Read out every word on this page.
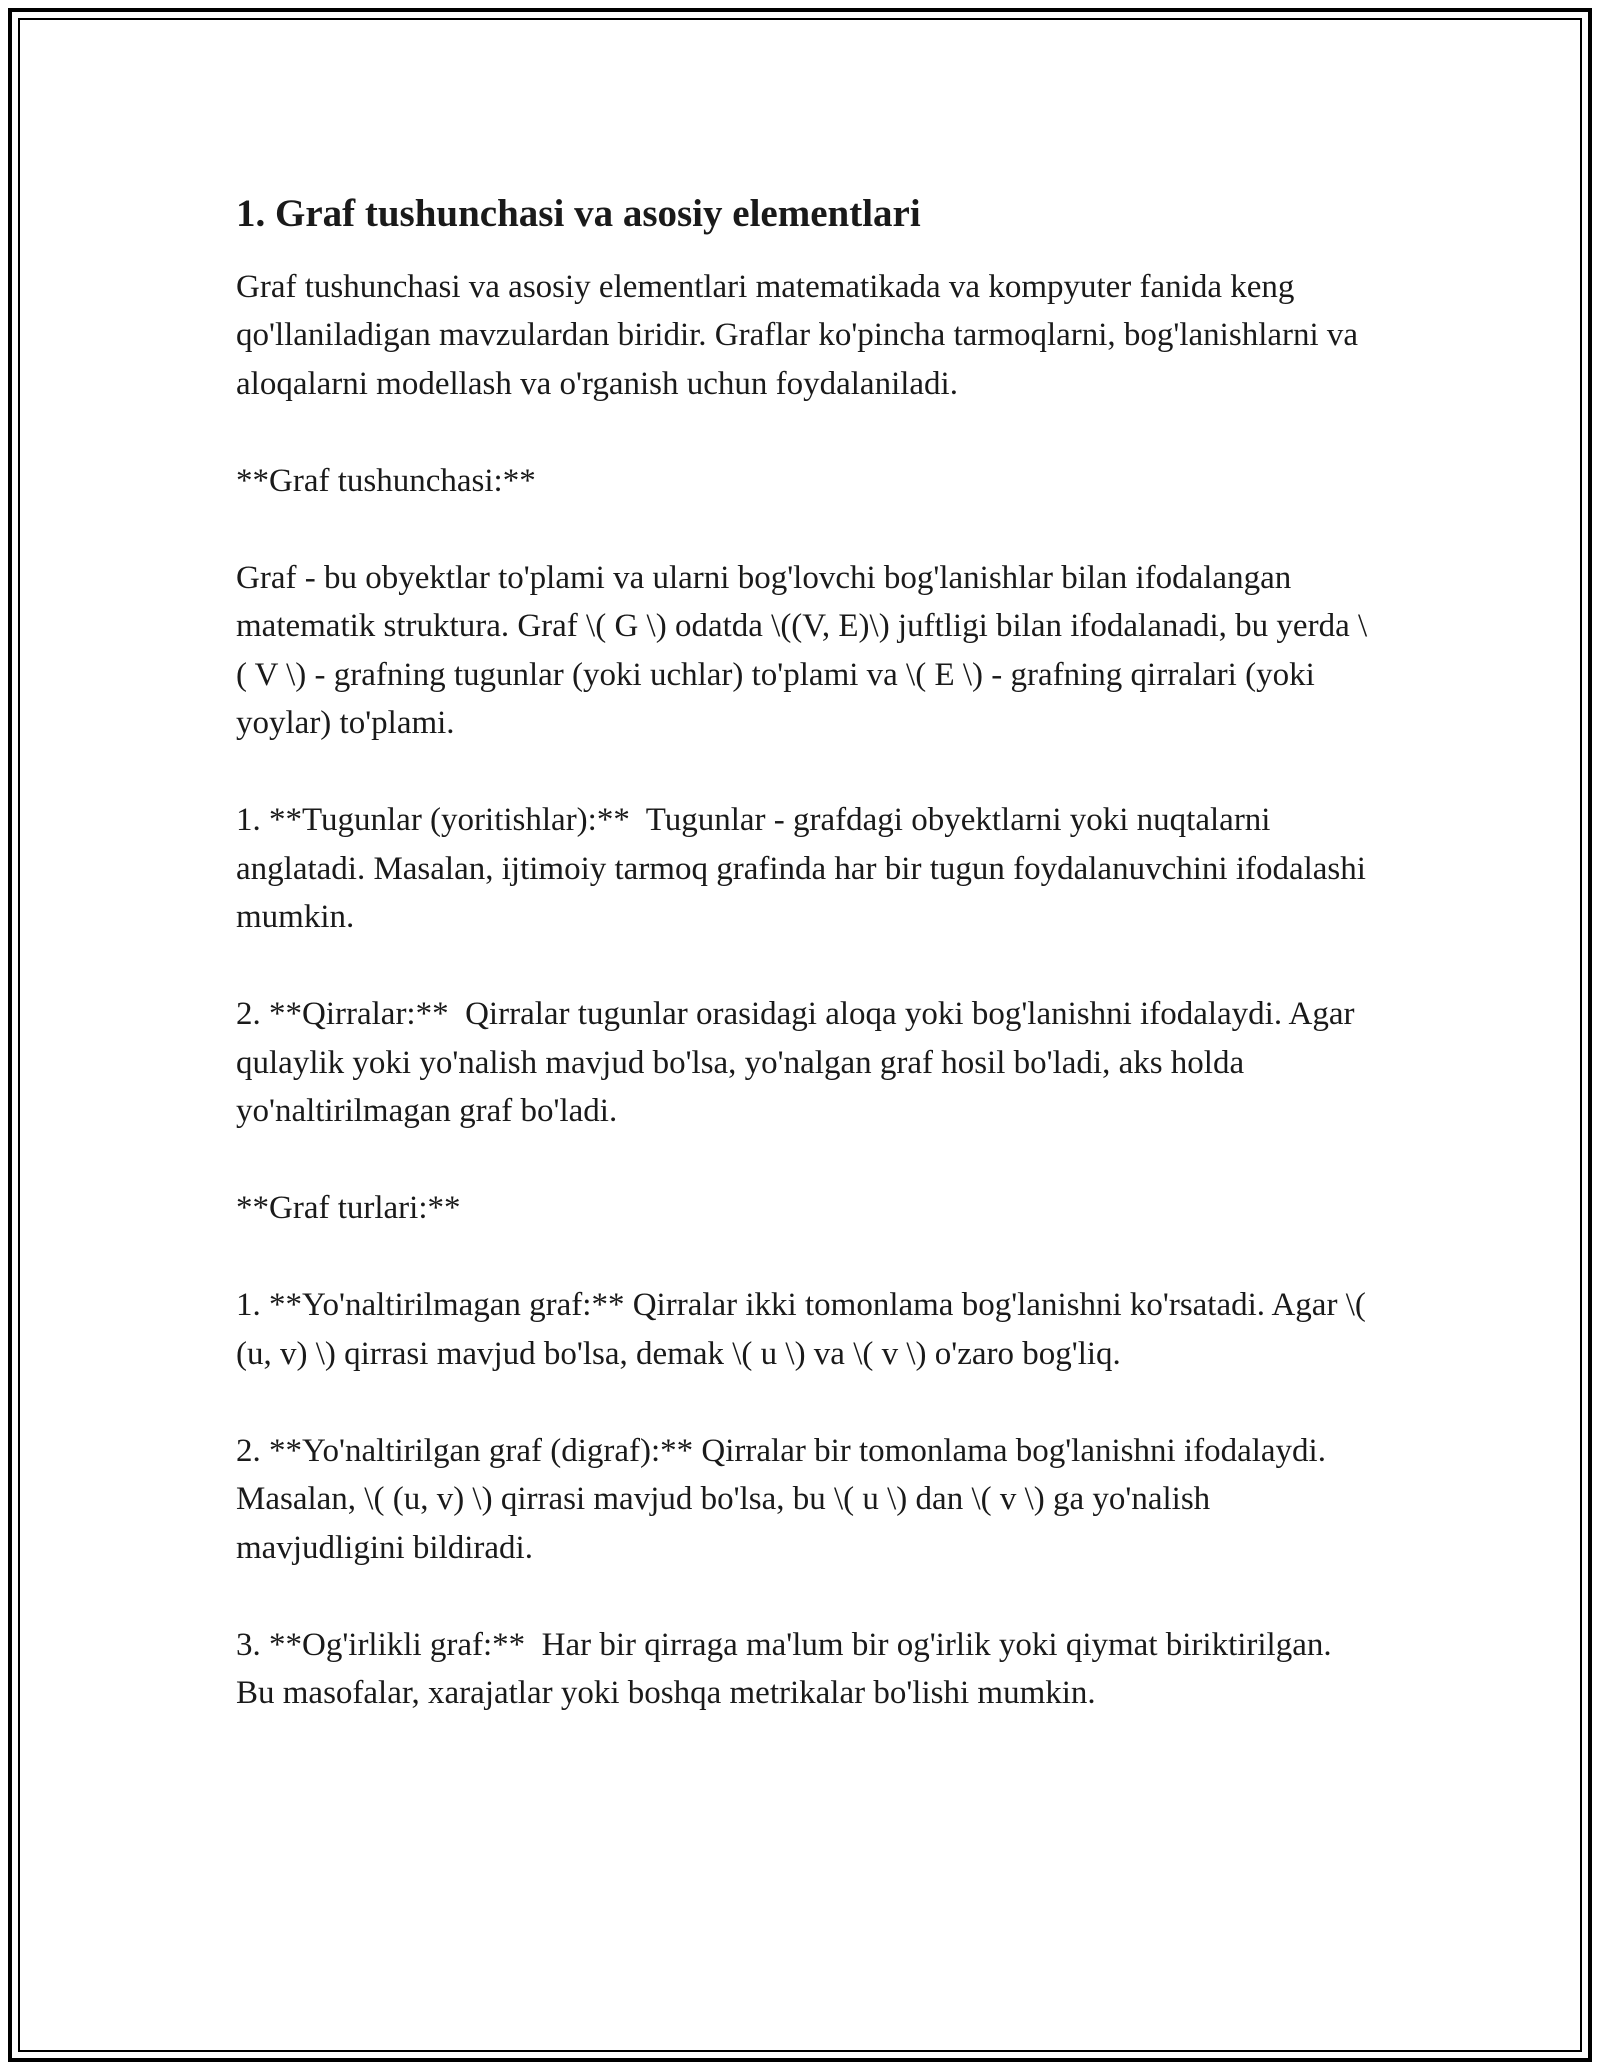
1. Graf tushunchasi va asosiy elementlari

Graf tushunchasi va asosiy elementlari matematikada va kompyuter fanida keng qo'llaniladigan mavzulardan biridir. Graflar ko'pincha tarmoqlarni, bog'lanishlarni va aloqalarni modellash va o'rganish uchun foydalaniladi.

**Graf tushunchasi:**

Graf - bu obyektlar to'plami va ularni bog'lovchi bog'lanishlar bilan ifodalangan matematik struktura. Graf \( G \) odatda \((V, E)\) juftligi bilan ifodalanadi, bu yerda \( V \) - grafning tugunlar (yoki uchlar) to'plami va \( E \) - grafning qirralari (yoki yoylar) to'plami.

1. **Tugunlar (yoritishlar):**  Tugunlar - grafdagi obyektlarni yoki nuqtalarni anglatadi. Masalan, ijtimoiy tarmoq grafinda har bir tugun foydalanuvchini ifodalashi mumkin.

2. **Qirralar:**  Qirralar tugunlar orasidagi aloqa yoki bog'lanishni ifodalaydi. Agar qulaylik yoki yo'nalish mavjud bo'lsa, yo'nalgan graf hosil bo'ladi, aks holda yo'naltirilmagan graf bo'ladi.

**Graf turlari:**

1. **Yo'naltirilmagan graf:** Qirralar ikki tomonlama bog'lanishni ko'rsatadi. Agar \( (u, v) \) qirrasi mavjud bo'lsa, demak \( u \) va \( v \) o'zaro bog'liq.

2. **Yo'naltirilgan graf (digraf):** Qirralar bir tomonlama bog'lanishni ifodalaydi. Masalan, \( (u, v) \) qirrasi mavjud bo'lsa, bu \( u \) dan \( v \) ga yo'nalish mavjudligini bildiradi.

3. **Og'irlikli graf:**  Har bir qirraga ma'lum bir og'irlik yoki qiymat biriktirilgan. Bu masofalar, xarajatlar yoki boshqa metrikalar bo'lishi mumkin.
